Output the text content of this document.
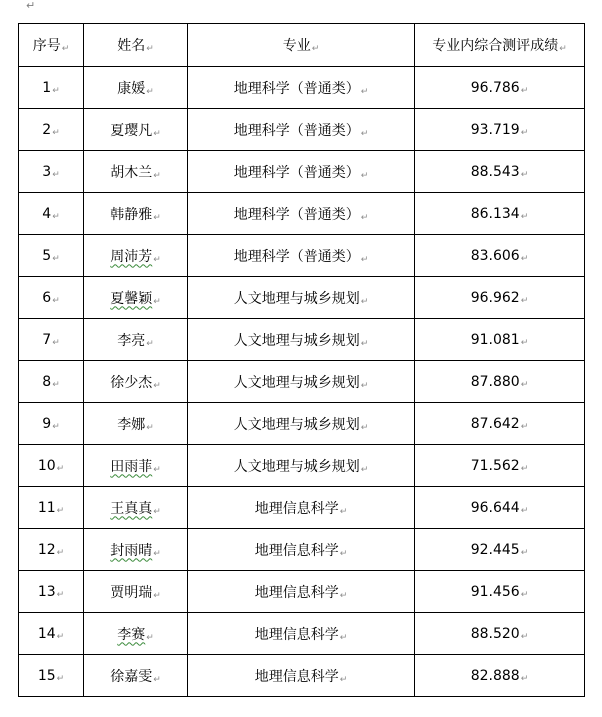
↵
序号↵	姓名↵	专业↵	专业内综合测评成绩↵
1↵	康媛↵	地理科学（普通类）↵	96.786↵
2↵	夏璎凡↵	地理科学（普通类）↵	93.719↵
3↵	胡木兰↵	地理科学（普通类）↵	88.543↵
4↵	韩静雅↵	地理科学（普通类）↵	86.134↵
5↵	周沛芳↵	地理科学（普通类）↵	83.606↵
6↵	夏馨颖↵	人文地理与城乡规划↵	96.962↵
7↵	李亮↵	人文地理与城乡规划↵	91.081↵
8↵	徐少杰↵	人文地理与城乡规划↵	87.880↵
9↵	李娜↵	人文地理与城乡规划↵	87.642↵
10↵	田雨菲↵	人文地理与城乡规划↵	71.562↵
11↵	王真真↵	地理信息科学↵	96.644↵
12↵	封雨晴↵	地理信息科学↵	92.445↵
13↵	贾明瑞↵	地理信息科学↵	91.456↵
14↵	李赛↵	地理信息科学↵	88.520↵
15↵	徐嘉雯↵	地理信息科学↵	82.888↵
